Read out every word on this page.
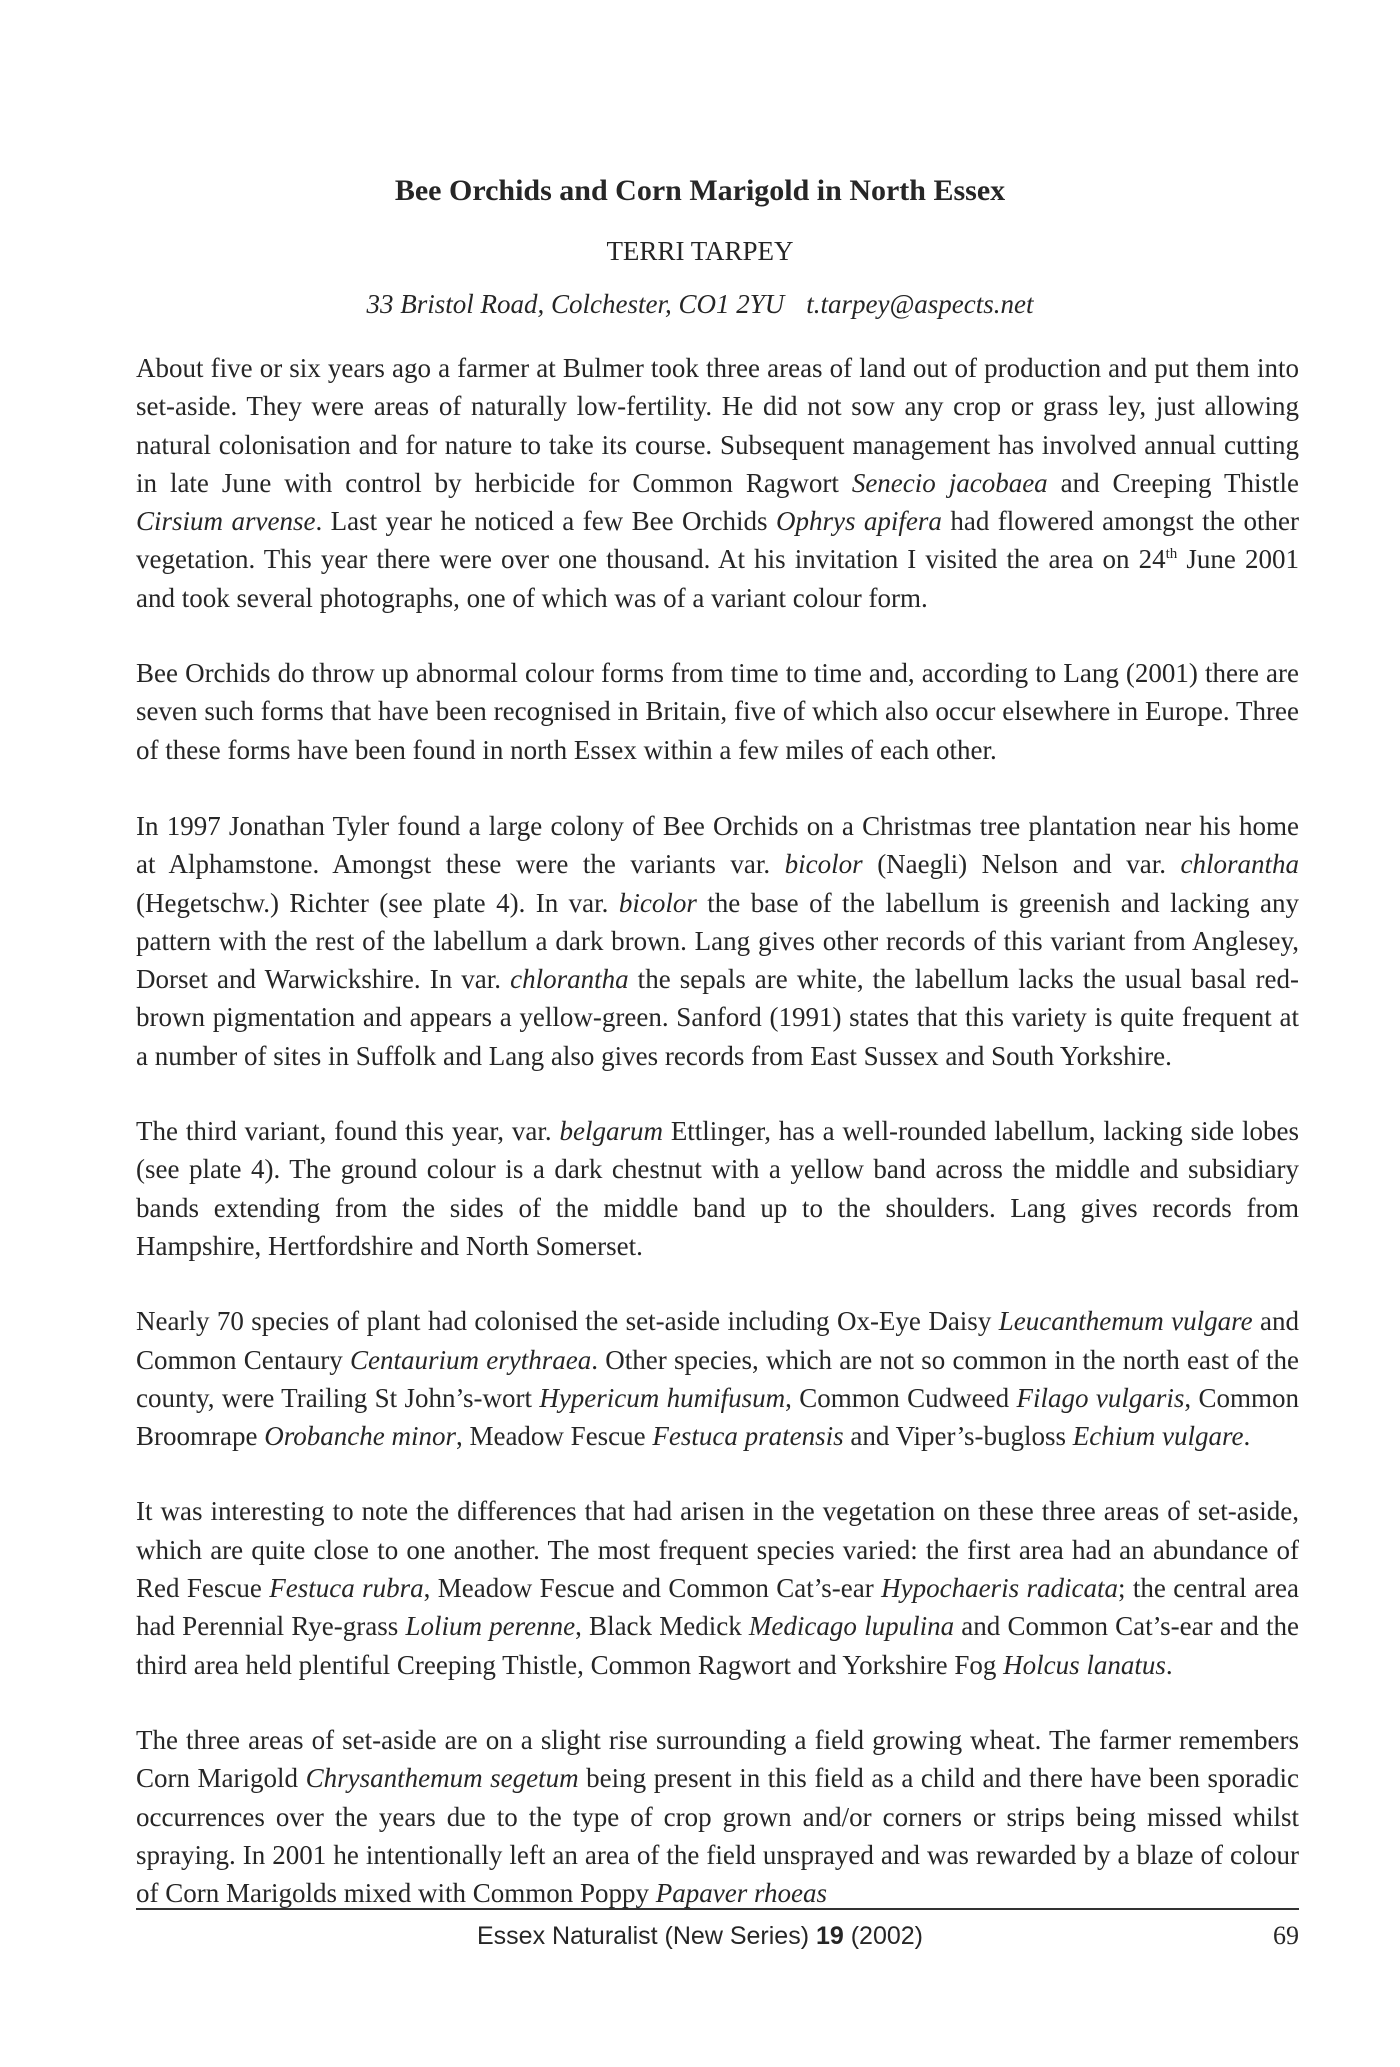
Bee Orchids and Corn Marigold in North Essex
TERRI TARPEY
33 Bristol Road, Colchester, CO1 2YU t.tarpey@aspects.net

About five or six years ago a farmer at Bulmer took three areas of land out of production and put them into set-aside. They were areas of naturally low-fertility. He did not sow any crop or grass ley, just allowing natural colonisation and for nature to take its course. Subsequent management has involved annual cutting in late June with control by herbicide for Common Ragwort Senecio jacobaea and Creeping Thistle Cirsium arvense. Last year he noticed a few Bee Orchids Ophrys apifera had flowered amongst the other vegetation. This year there were over one thousand. At his invitation I visited the area on 24th June 2001 and took several photographs, one of which was of a variant colour form.

Bee Orchids do throw up abnormal colour forms from time to time and, according to Lang (2001) there are seven such forms that have been recognised in Britain, five of which also occur elsewhere in Europe. Three of these forms have been found in north Essex within a few miles of each other.

In 1997 Jonathan Tyler found a large colony of Bee Orchids on a Christmas tree plantation near his home at Alphamstone. Amongst these were the variants var. bicolor (Naegli) Nelson and var. chlorantha (Hegetschw.) Richter (see plate 4). In var. bicolor the base of the labellum is greenish and lacking any pattern with the rest of the labellum a dark brown. Lang gives other records of this variant from Anglesey, Dorset and Warwickshire. In var. chlorantha the sepals are white, the labellum lacks the usual basal red-brown pigmentation and appears a yellow-green. Sanford (1991) states that this variety is quite frequent at a number of sites in Suffolk and Lang also gives records from East Sussex and South Yorkshire.

The third variant, found this year, var. belgarum Ettlinger, has a well-rounded labellum, lacking side lobes (see plate 4). The ground colour is a dark chestnut with a yellow band across the middle and subsidiary bands extending from the sides of the middle band up to the shoulders. Lang gives records from Hampshire, Hertfordshire and North Somerset.

Nearly 70 species of plant had colonised the set-aside including Ox-Eye Daisy Leucanthemum vulgare and Common Centaury Centaurium erythraea. Other species, which are not so common in the north east of the county, were Trailing St John’s-wort Hypericum humifusum, Common Cudweed Filago vulgaris, Common Broomrape Orobanche minor, Meadow Fescue Festuca pratensis and Viper’s-bugloss Echium vulgare.

It was interesting to note the differences that had arisen in the vegetation on these three areas of set-aside, which are quite close to one another. The most frequent species varied: the first area had an abundance of Red Fescue Festuca rubra, Meadow Fescue and Common Cat’s-ear Hypochaeris radicata; the central area had Perennial Rye-grass Lolium perenne, Black Medick Medicago lupulina and Common Cat’s-ear and the third area held plentiful Creeping Thistle, Common Ragwort and Yorkshire Fog Holcus lanatus.

The three areas of set-aside are on a slight rise surrounding a field growing wheat. The farmer remembers Corn Marigold Chrysanthemum segetum being present in this field as a child and there have been sporadic occurrences over the years due to the type of crop grown and/or corners or strips being missed whilst spraying. In 2001 he intentionally left an area of the field unsprayed and was rewarded by a blaze of colour of Corn Marigolds mixed with Common Poppy Papaver rhoeas

Essex Naturalist (New Series) 19 (2002)	69
